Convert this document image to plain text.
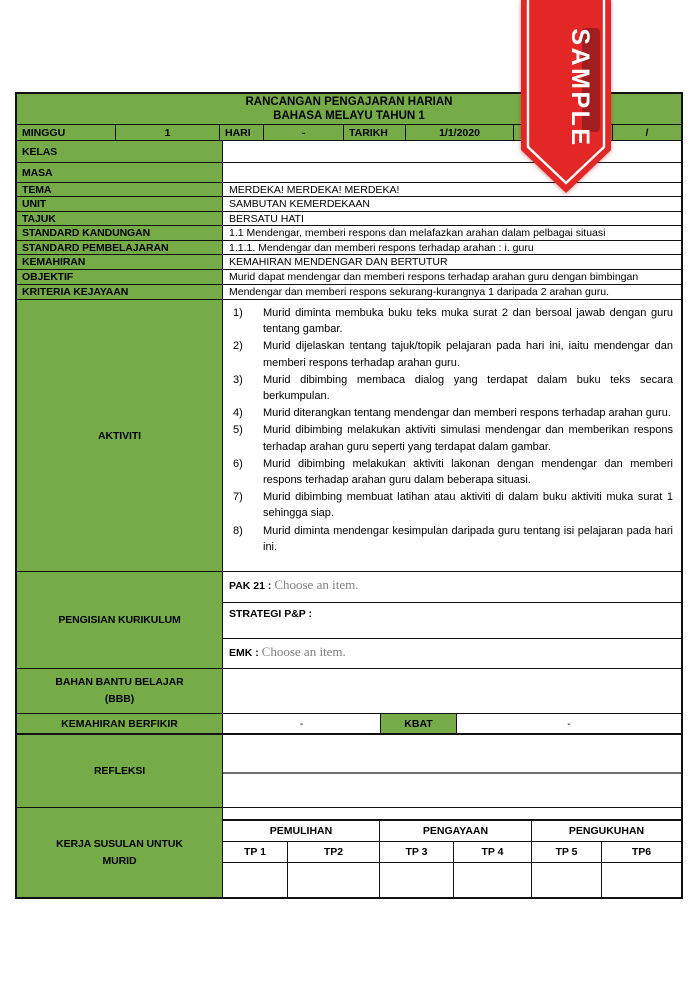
RANCANGAN PENGAJARAN HARIAN
BAHASA MELAYU TAHUN 1
MINGGU	1	HARI	-	TARIKH	1/1/2020	/
KELAS
MASA
TEMA	MERDEKA! MERDEKA! MERDEKA!
UNIT	SAMBUTAN KEMERDEKAAN
TAJUK	BERSATU HATI
STANDARD KANDUNGAN	1.1 Mendengar, memberi respons dan melafazkan arahan dalam pelbagai situasi
STANDARD PEMBELAJARAN	1.1.1. Mendengar dan memberi respons terhadap arahan : i. guru
KEMAHIRAN	KEMAHIRAN MENDENGAR DAN BERTUTUR
OBJEKTIF	Murid dapat mendengar dan memberi respons terhadap arahan guru dengan bimbingan
KRITERIA KEJAYAAN	Mendengar dan memberi respons sekurang-kurangnya 1 daripada 2 arahan guru.
AKTIVITI
1)	Murid diminta membuka buku teks muka surat 2 dan bersoal jawab dengan guru tentang gambar.
2)	Murid dijelaskan tentang tajuk/topik pelajaran pada hari ini, iaitu mendengar dan memberi respons terhadap arahan guru.
3)	Murid dibimbing membaca dialog yang terdapat dalam buku teks secara berkumpulan.
4)	Murid diterangkan tentang mendengar dan memberi respons terhadap arahan guru.
5)	Murid dibimbing melakukan aktiviti simulasi mendengar dan memberikan respons terhadap arahan guru seperti yang terdapat dalam gambar.
6)	Murid dibimbing melakukan aktiviti lakonan dengan mendengar dan memberi respons terhadap arahan guru dalam beberapa situasi.
7)	Murid dibimbing membuat latihan atau aktiviti di dalam buku aktiviti muka surat 1 sehingga siap.
8)	Murid diminta mendengar kesimpulan daripada guru tentang isi pelajaran pada hari ini.
PENGISIAN KURIKULUM
PAK 21 : Choose an item.
STRATEGI P&P :
EMK : Choose an item.
BAHAN BANTU BELAJAR
(BBB)
KEMAHIRAN BERFIKIR	-	KBAT	-
REFLEKSI
KERJA SUSULAN UNTUK
MURID
PEMULIHAN	PENGAYAAN	PENGUKUHAN
TP 1	TP2	TP 3	TP 4	TP 5	TP6
SAMPLE
